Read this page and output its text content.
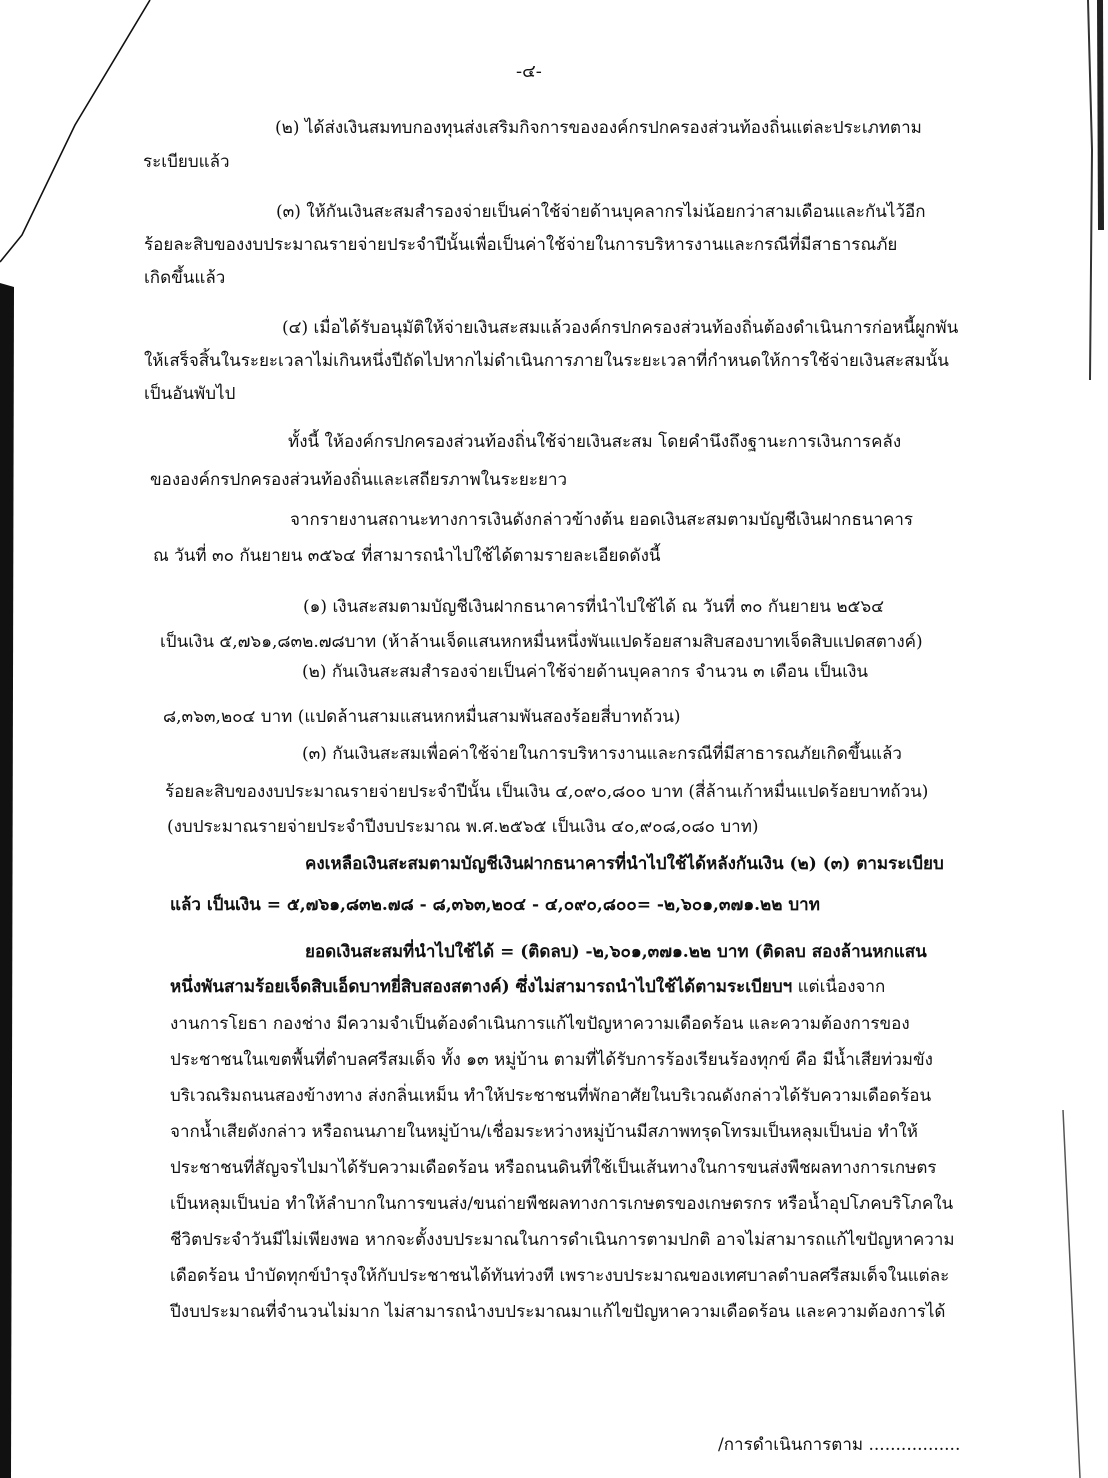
-๔-
(๒) ได้ส่งเงินสมทบกองทุนส่งเสริมกิจการขององค์กรปกครองส่วนท้องถิ่นแต่ละประเภทตาม
ระเบียบแล้ว
(๓) ให้กันเงินสะสมสำรองจ่ายเป็นค่าใช้จ่ายด้านบุคลากรไม่น้อยกว่าสามเดือนและกันไว้อีก
ร้อยละสิบของงบประมาณรายจ่ายประจำปีนั้นเพื่อเป็นค่าใช้จ่ายในการบริหารงานและกรณีที่มีสาธารณภัย
เกิดขึ้นแล้ว
(๔) เมื่อได้รับอนุมัติให้จ่ายเงินสะสมแล้วองค์กรปกครองส่วนท้องถิ่นต้องดำเนินการก่อหนี้ผูกพัน
ให้เสร็จสิ้นในระยะเวลาไม่เกินหนึ่งปีถัดไปหากไม่ดำเนินการภายในระยะเวลาที่กำหนดให้การใช้จ่ายเงินสะสมนั้น
เป็นอันพับไป
ทั้งนี้ ให้องค์กรปกครองส่วนท้องถิ่นใช้จ่ายเงินสะสม โดยคำนึงถึงฐานะการเงินการคลัง
ขององค์กรปกครองส่วนท้องถิ่นและเสถียรภาพในระยะยาว
จากรายงานสถานะทางการเงินดังกล่าวข้างต้น ยอดเงินสะสมตามบัญชีเงินฝากธนาคาร
ณ วันที่ ๓๐ กันยายน ๓๕๖๔ ที่สามารถนำไปใช้ได้ตามรายละเอียดดังนี้
(๑) เงินสะสมตามบัญชีเงินฝากธนาคารที่นำไปใช้ได้ ณ วันที่ ๓๐ กันยายน ๒๕๖๔
เป็นเงิน ๕,๗๖๑,๘๓๒.๗๘บาท (ห้าล้านเจ็ดแสนหกหมื่นหนึ่งพันแปดร้อยสามสิบสองบาทเจ็ดสิบแปดสตางค์)
(๒) กันเงินสะสมสำรองจ่ายเป็นค่าใช้จ่ายด้านบุคลากร จำนวน ๓ เดือน เป็นเงิน
๘,๓๖๓,๒๐๔ บาท (แปดล้านสามแสนหกหมื่นสามพันสองร้อยสี่บาทถ้วน)
(๓) กันเงินสะสมเพื่อค่าใช้จ่ายในการบริหารงานและกรณีที่มีสาธารณภัยเกิดขึ้นแล้ว
ร้อยละสิบของงบประมาณรายจ่ายประจำปีนั้น เป็นเงิน ๔,๐๙๐,๘๐๐ บาท (สี่ล้านเก้าหมื่นแปดร้อยบาทถ้วน)
(งบประมาณรายจ่ายประจำปีงบประมาณ พ.ศ.๒๕๖๕ เป็นเงิน ๔๐,๙๐๘,๐๘๐ บาท)
คงเหลือเงินสะสมตามบัญชีเงินฝากธนาคารที่นำไปใช้ได้หลังกันเงิน (๒) (๓) ตามระเบียบ
แล้ว เป็นเงิน = ๕,๗๖๑,๘๓๒.๗๘ - ๘,๓๖๓,๒๐๔ - ๔,๐๙๐,๘๐๐= -๒,๖๐๑,๓๗๑.๒๒ บาท
ยอดเงินสะสมที่นำไปใช้ได้ = (ติดลบ) -๒,๖๐๑,๓๗๑.๒๒ บาท (ติดลบ สองล้านหกแสน
หนึ่งพันสามร้อยเจ็ดสิบเอ็ดบาทยี่สิบสองสตางค์) ซึ่งไม่สามารถนำไปใช้ได้ตามระเบียบฯ แต่เนื่องจาก
งานการโยธา กองช่าง มีความจำเป็นต้องดำเนินการแก้ไขปัญหาความเดือดร้อน และความต้องการของ
ประชาชนในเขตพื้นที่ตำบลศรีสมเด็จ ทั้ง ๑๓ หมู่บ้าน ตามที่ได้รับการร้องเรียนร้องทุกข์ คือ มีน้ำเสียท่วมขัง
บริเวณริมถนนสองข้างทาง ส่งกลิ่นเหม็น ทำให้ประชาชนที่พักอาศัยในบริเวณดังกล่าวได้รับความเดือดร้อน
จากน้ำเสียดังกล่าว หรือถนนภายในหมู่บ้าน/เชื่อมระหว่างหมู่บ้านมีสภาพทรุดโทรมเป็นหลุมเป็นบ่อ ทำให้
ประชาชนที่สัญจรไปมาได้รับความเดือดร้อน หรือถนนดินที่ใช้เป็นเส้นทางในการขนส่งพืชผลทางการเกษตร
เป็นหลุมเป็นบ่อ ทำให้ลำบากในการขนส่ง/ขนถ่ายพืชผลทางการเกษตรของเกษตรกร หรือน้ำอุปโภคบริโภคใน
ชีวิตประจำวันมีไม่เพียงพอ หากจะตั้งงบประมาณในการดำเนินการตามปกติ อาจไม่สามารถแก้ไขปัญหาความ
เดือดร้อน บำบัดทุกข์บำรุงให้กับประชาชนได้ทันท่วงที เพราะงบประมาณของเทศบาลตำบลศรีสมเด็จในแต่ละ
ปีงบประมาณที่จำนวนไม่มาก ไม่สามารถนำงบประมาณมาแก้ไขปัญหาความเดือดร้อน และความต้องการได้
/การดำเนินการตาม .................
